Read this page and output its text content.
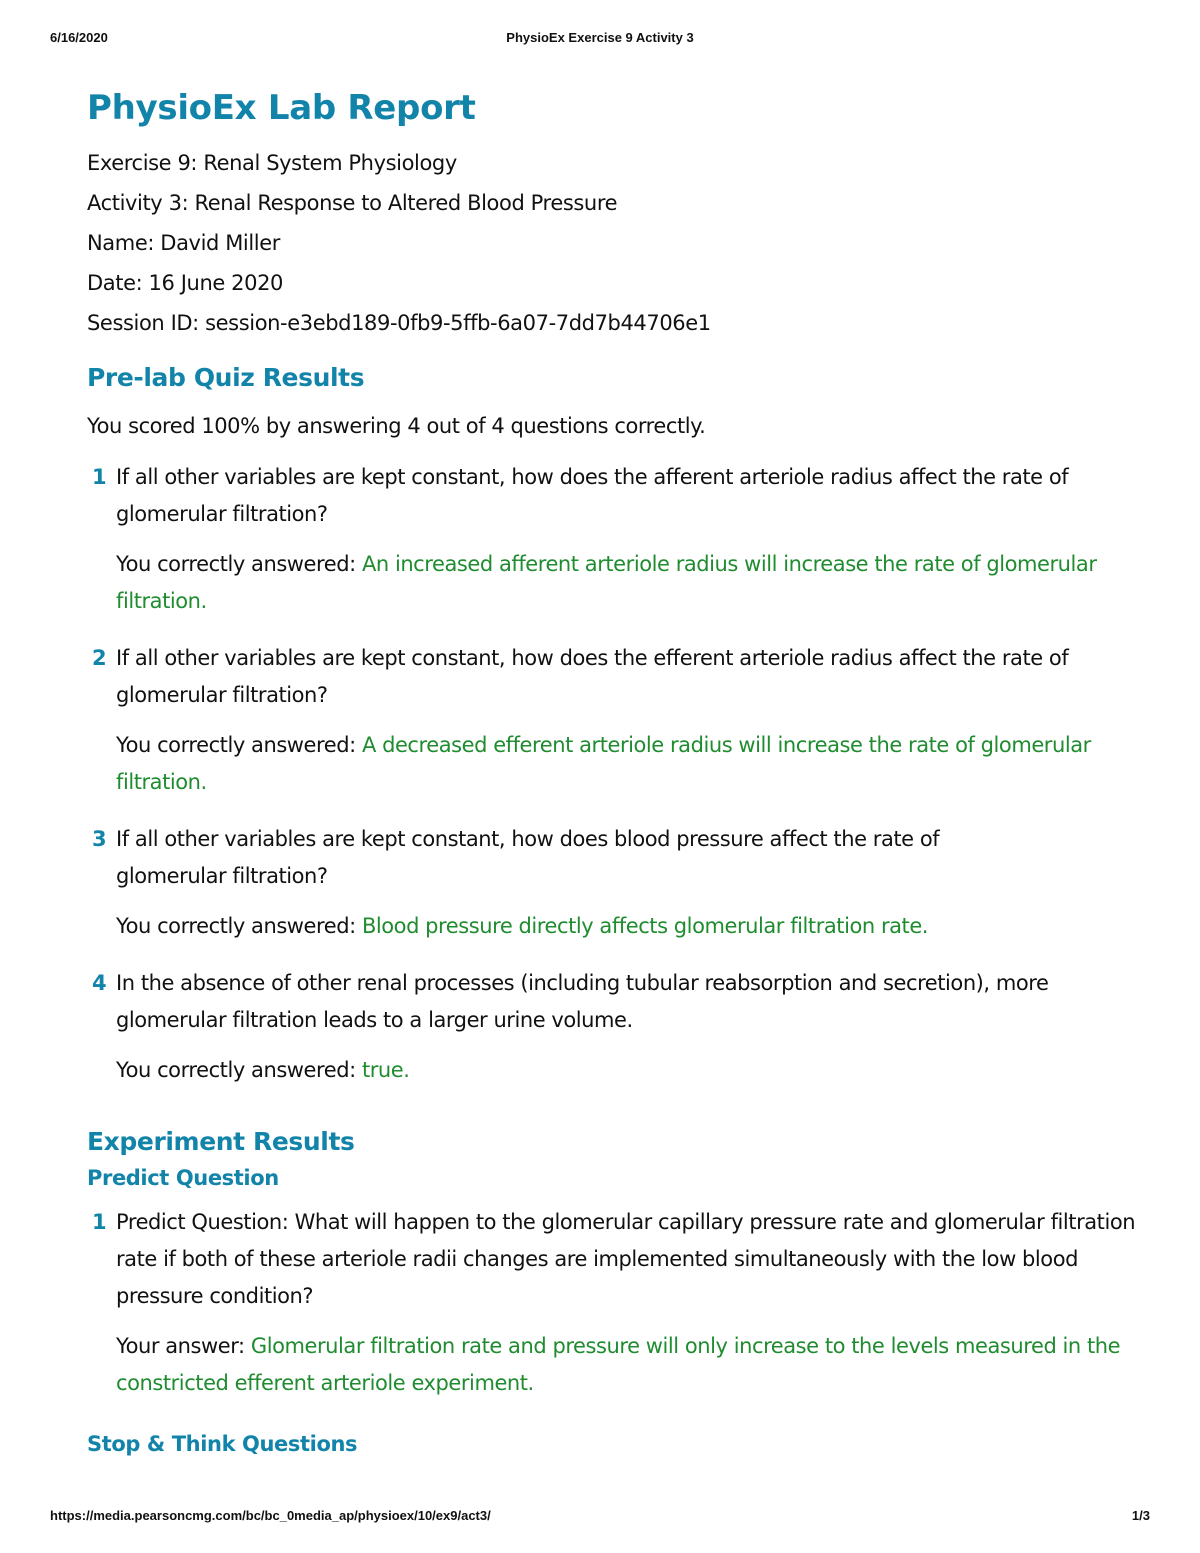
6/16/2020	PhysioEx Exercise 9 Activity 3
PhysioEx Lab Report
Exercise 9: Renal System Physiology
Activity 3: Renal Response to Altered Blood Pressure
Name: David Miller
Date: 16 June 2020
Session ID: session-e3ebd189-0fb9-5ffb-6a07-7dd7b44706e1
Pre-lab Quiz Results
You scored 100% by answering 4 out of 4 questions correctly.
1 If all other variables are kept constant, how does the afferent arteriole radius affect the rate of glomerular filtration?
You correctly answered: An increased afferent arteriole radius will increase the rate of glomerular filtration.
2 If all other variables are kept constant, how does the efferent arteriole radius affect the rate of glomerular filtration?
You correctly answered: A decreased efferent arteriole radius will increase the rate of glomerular filtration.
3 If all other variables are kept constant, how does blood pressure affect the rate of glomerular filtration?
You correctly answered: Blood pressure directly affects glomerular filtration rate.
4 In the absence of other renal processes (including tubular reabsorption and secretion), more glomerular filtration leads to a larger urine volume.
You correctly answered: true.
Experiment Results
Predict Question
1 Predict Question: What will happen to the glomerular capillary pressure rate and glomerular filtration rate if both of these arteriole radii changes are implemented simultaneously with the low blood pressure condition?
Your answer: Glomerular filtration rate and pressure will only increase to the levels measured in the constricted efferent arteriole experiment.
Stop & Think Questions
https://media.pearsoncmg.com/bc/bc_0media_ap/physioex/10/ex9/act3/	1/3
